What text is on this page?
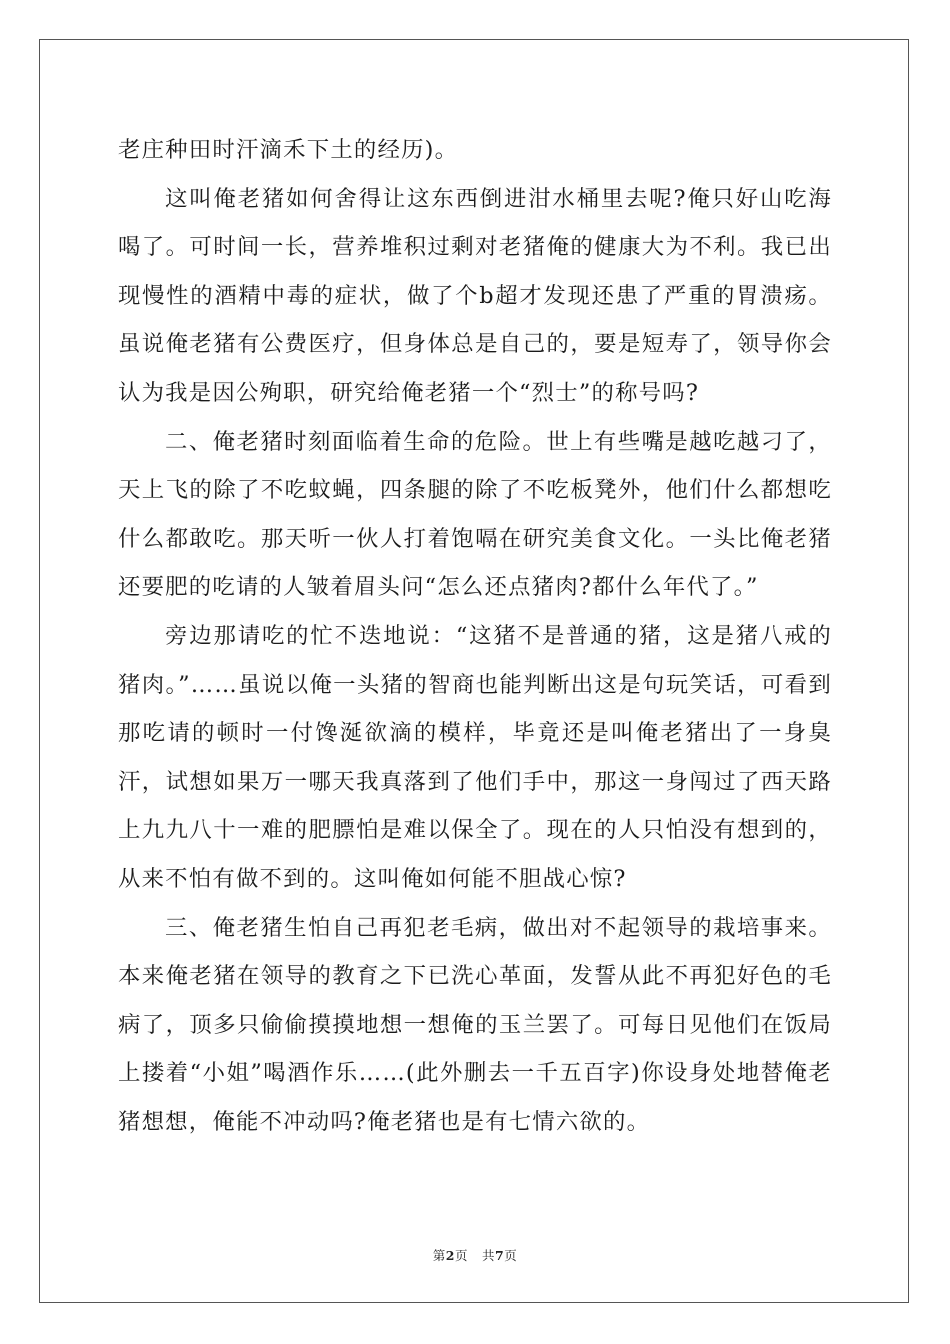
老庄种田时汗滴禾下土的经历)。

这叫俺老猪如何舍得让这东西倒进泔水桶里去呢?俺只好山吃海喝了。可时间一长，营养堆积过剩对老猪俺的健康大为不利。我已出现慢性的酒精中毒的症状，做了个b超才发现还患了严重的胃溃疡。虽说俺老猪有公费医疗，但身体总是自己的，要是短寿了，领导你会认为我是因公殉职，研究给俺老猪一个“烈士”的称号吗?

二、俺老猪时刻面临着生命的危险。世上有些嘴是越吃越刁了，天上飞的除了不吃蚊蝇，四条腿的除了不吃板凳外，他们什么都想吃什么都敢吃。那天听一伙人打着饱嗝在研究美食文化。一头比俺老猪还要肥的吃请的人皱着眉头问“怎么还点猪肉?都什么年代了。”

旁边那请吃的忙不迭地说：“这猪不是普通的猪，这是猪八戒的猪肉。”……虽说以俺一头猪的智商也能判断出这是句玩笑话，可看到那吃请的顿时一付馋涎欲滴的模样，毕竟还是叫俺老猪出了一身臭汗，试想如果万一哪天我真落到了他们手中，那这一身闯过了西天路上九九八十一难的肥膘怕是难以保全了。现在的人只怕没有想到的，从来不怕有做不到的。这叫俺如何能不胆战心惊?

三、俺老猪生怕自己再犯老毛病，做出对不起领导的栽培事来。本来俺老猪在领导的教育之下已洗心革面，发誓从此不再犯好色的毛病了，顶多只偷偷摸摸地想一想俺的玉兰罢了。可每日见他们在饭局上搂着“小姐”喝酒作乐……(此外删去一千五百字)你设身处地替俺老猪想想，俺能不冲动吗?俺老猪也是有七情六欲的。

第2页 共7页
